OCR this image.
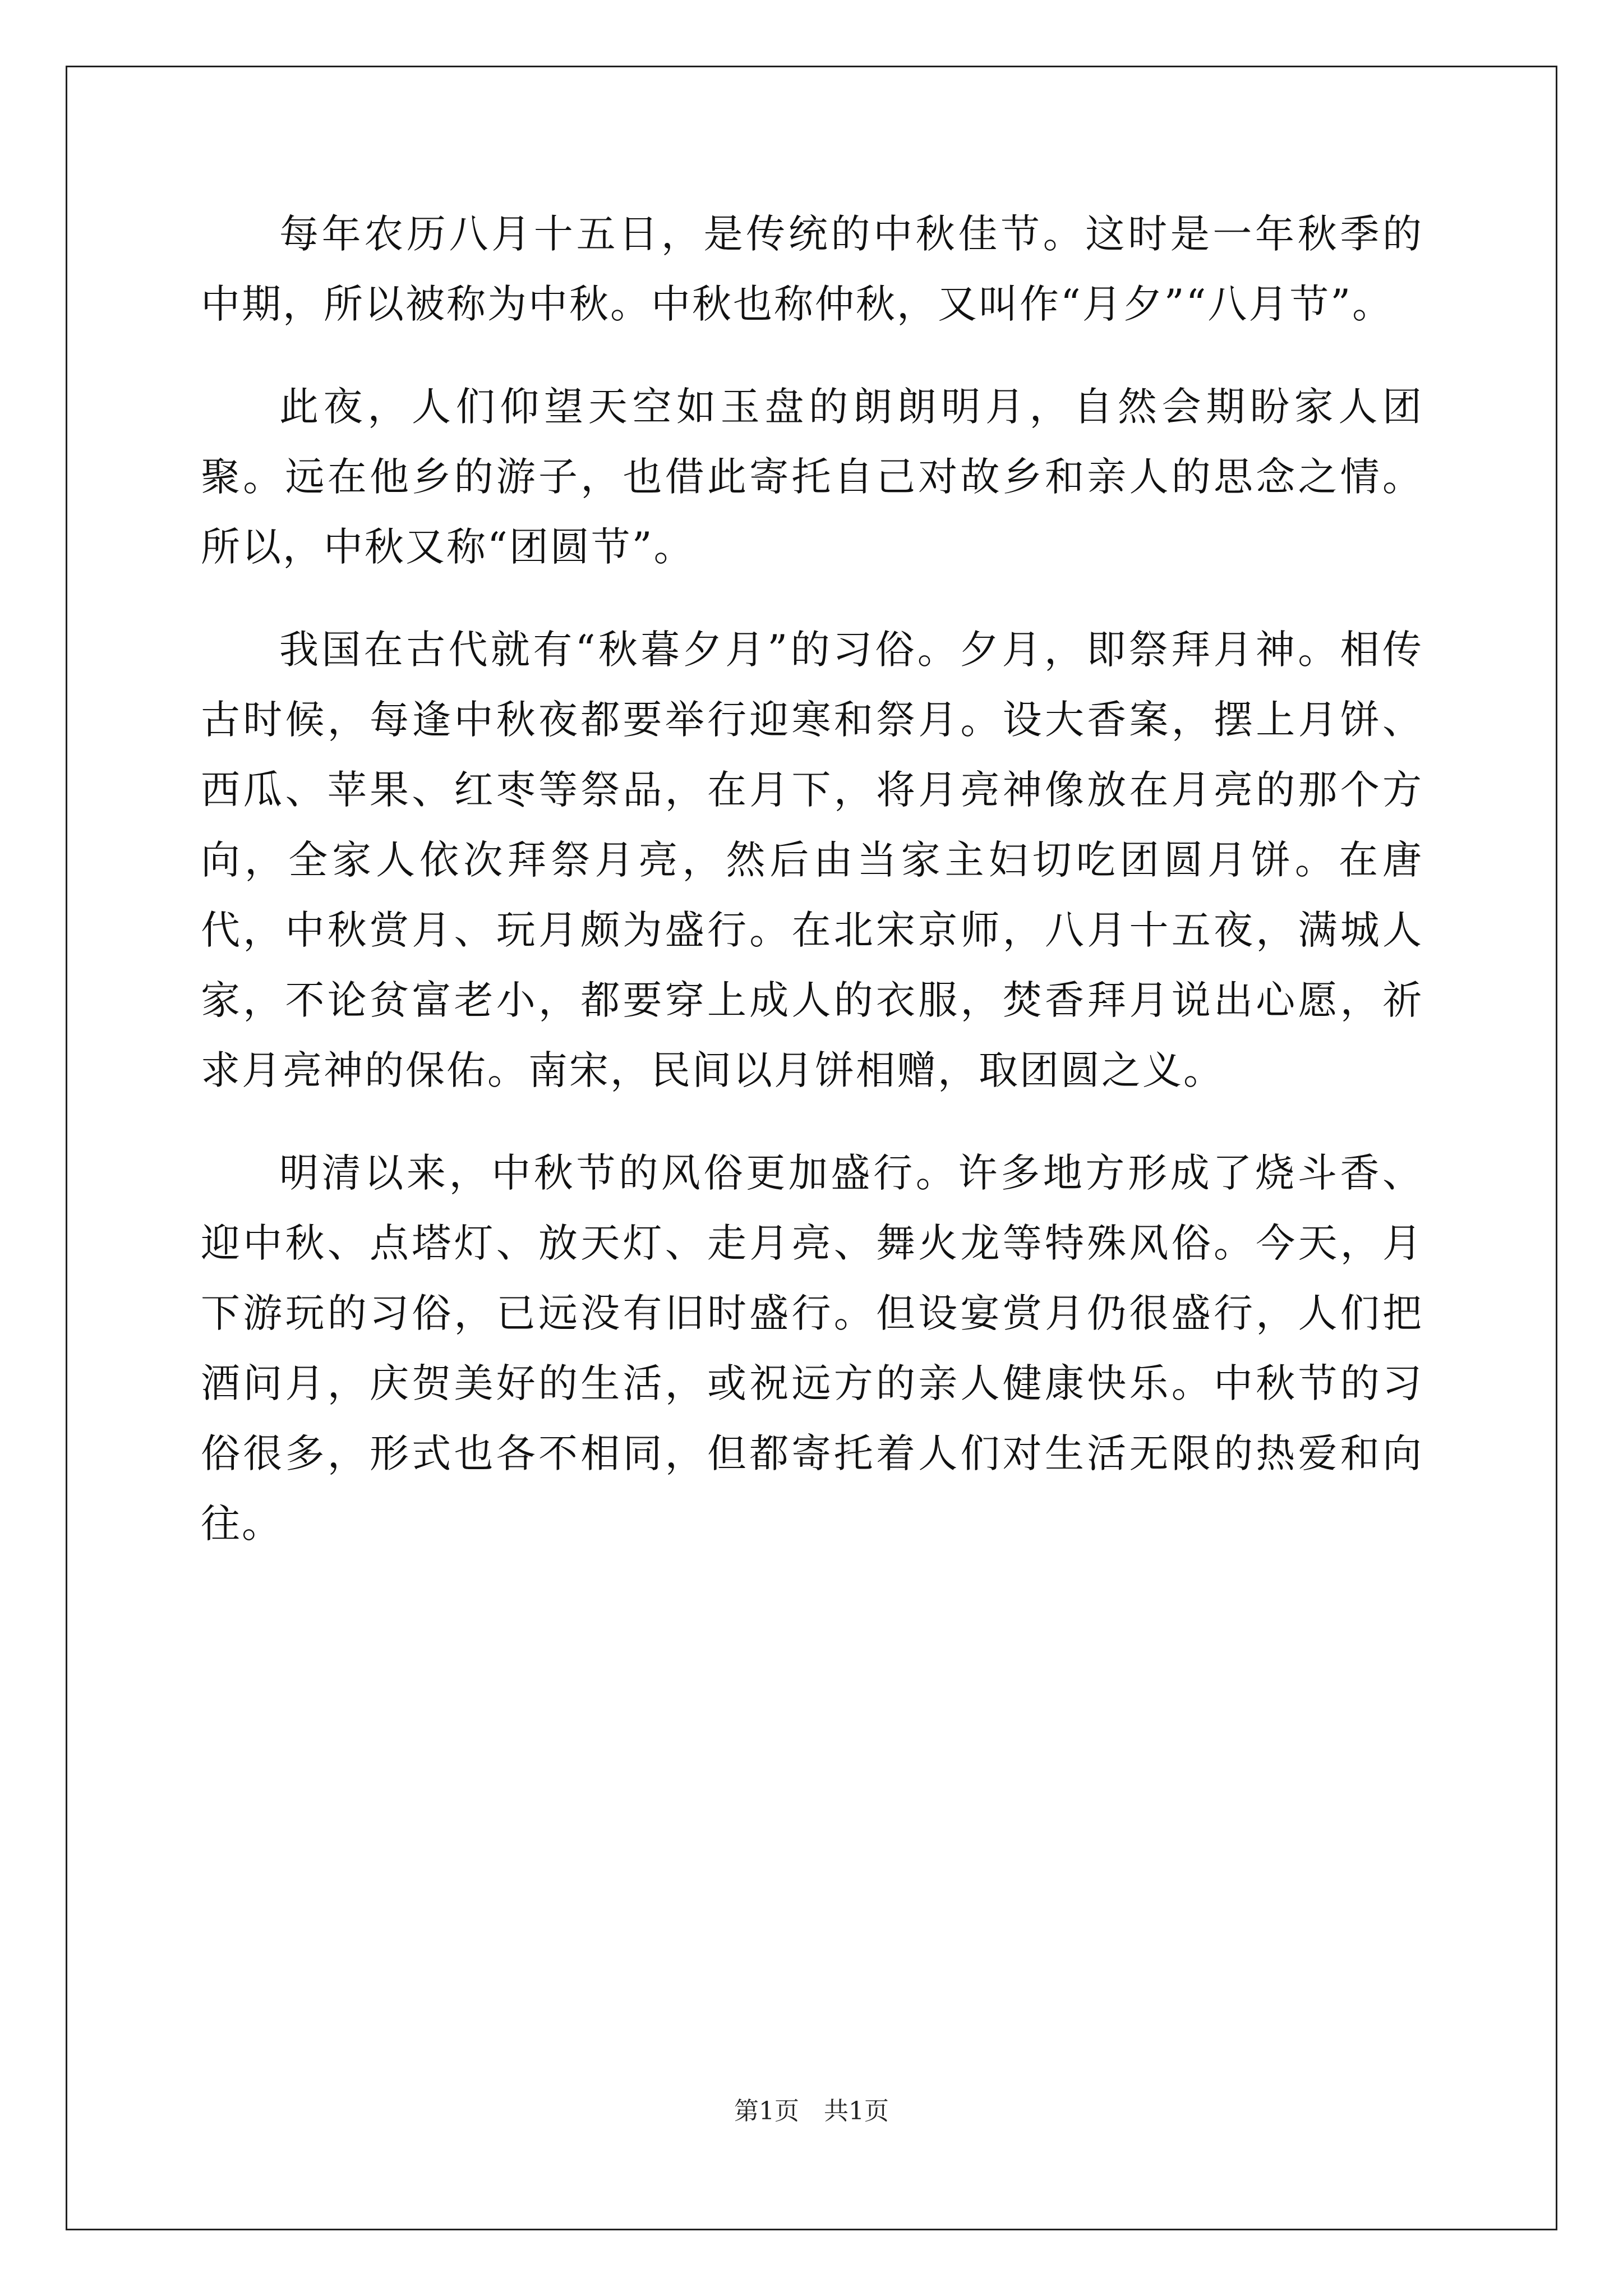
每年农历八月十五日，是传统的中秋佳节。这时是一年秋季的中期，所以被称为中秋。中秋也称仲秋，又叫作“月夕”“八月节”。

此夜，人们仰望天空如玉盘的朗朗明月，自然会期盼家人团聚。远在他乡的游子，也借此寄托自己对故乡和亲人的思念之情。所以，中秋又称“团圆节”。

我国在古代就有“秋暮夕月”的习俗。夕月，即祭拜月神。相传古时候，每逢中秋夜都要举行迎寒和祭月。设大香案，摆上月饼、西瓜、苹果、红枣等祭品，在月下，将月亮神像放在月亮的那个方向，全家人依次拜祭月亮，然后由当家主妇切吃团圆月饼。在唐代，中秋赏月、玩月颇为盛行。在北宋京师，八月十五夜，满城人家，不论贫富老小，都要穿上成人的衣服，焚香拜月说出心愿，祈求月亮神的保佑。南宋，民间以月饼相赠，取团圆之义。

明清以来，中秋节的风俗更加盛行。许多地方形成了烧斗香、迎中秋、点塔灯、放天灯、走月亮、舞火龙等特殊风俗。今天，月下游玩的习俗，已远没有旧时盛行。但设宴赏月仍很盛行，人们把酒问月，庆贺美好的生活，或祝远方的亲人健康快乐。中秋节的习俗很多，形式也各不相同，但都寄托着人们对生活无限的热爱和向往。

第1页 共1页
